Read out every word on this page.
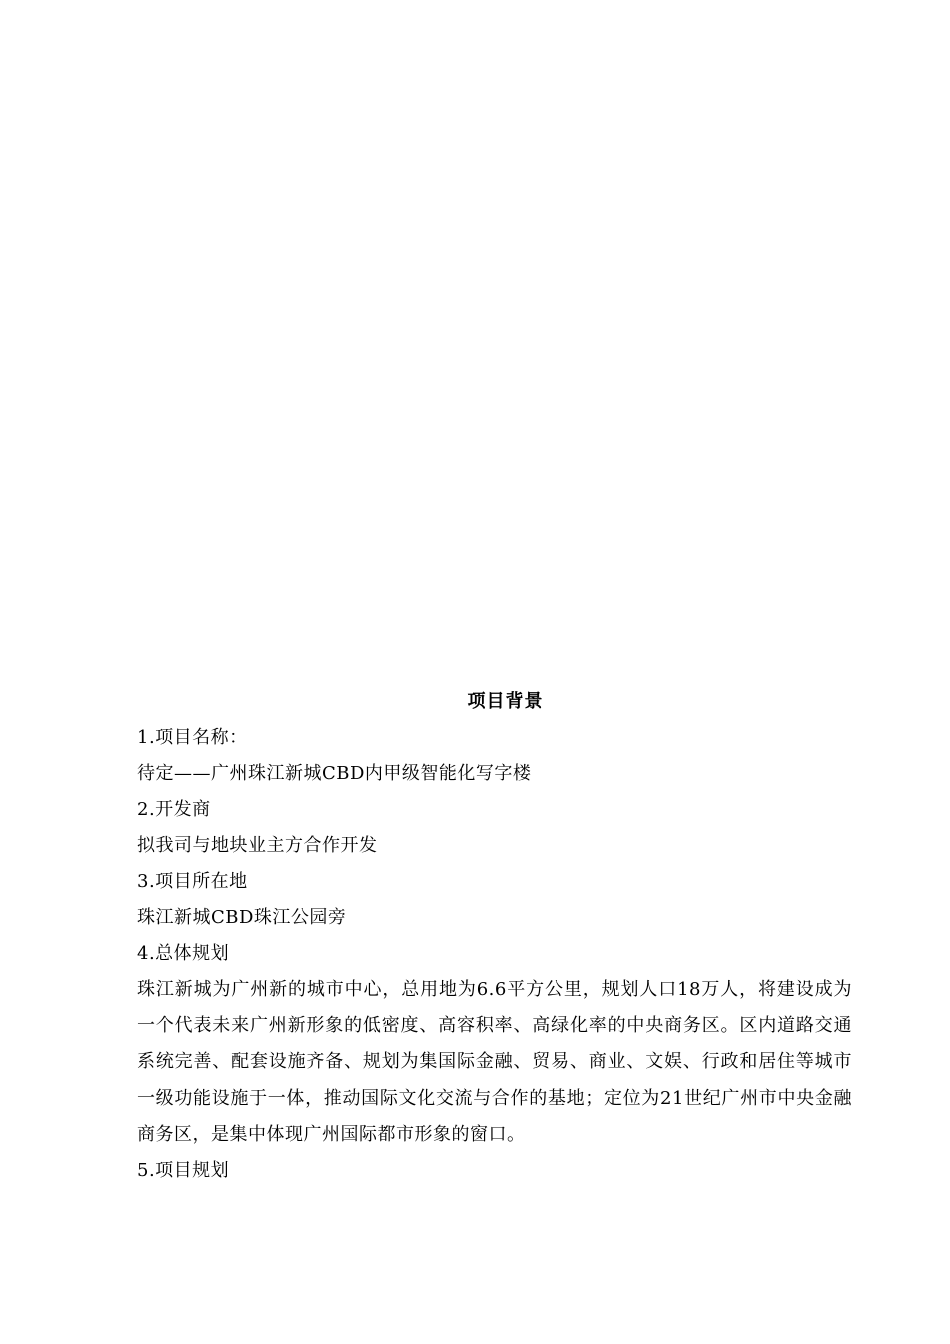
项目背景

1.项目名称：

待定——广州珠江新城CBD内甲级智能化写字楼

2.开发商

拟我司与地块业主方合作开发

3.项目所在地

珠江新城CBD珠江公园旁

4.总体规划

珠江新城为广州新的城市中心，总用地为6.6平方公里，规划人口18万人，将建设成为一个代表未来广州新形象的低密度、高容积率、高绿化率的中央商务区。区内道路交通系统完善、配套设施齐备、规划为集国际金融、贸易、商业、文娱、行政和居住等城市一级功能设施于一体，推动国际文化交流与合作的基地；定位为21世纪广州市中央金融商务区，是集中体现广州国际都市形象的窗口。

5.项目规划
